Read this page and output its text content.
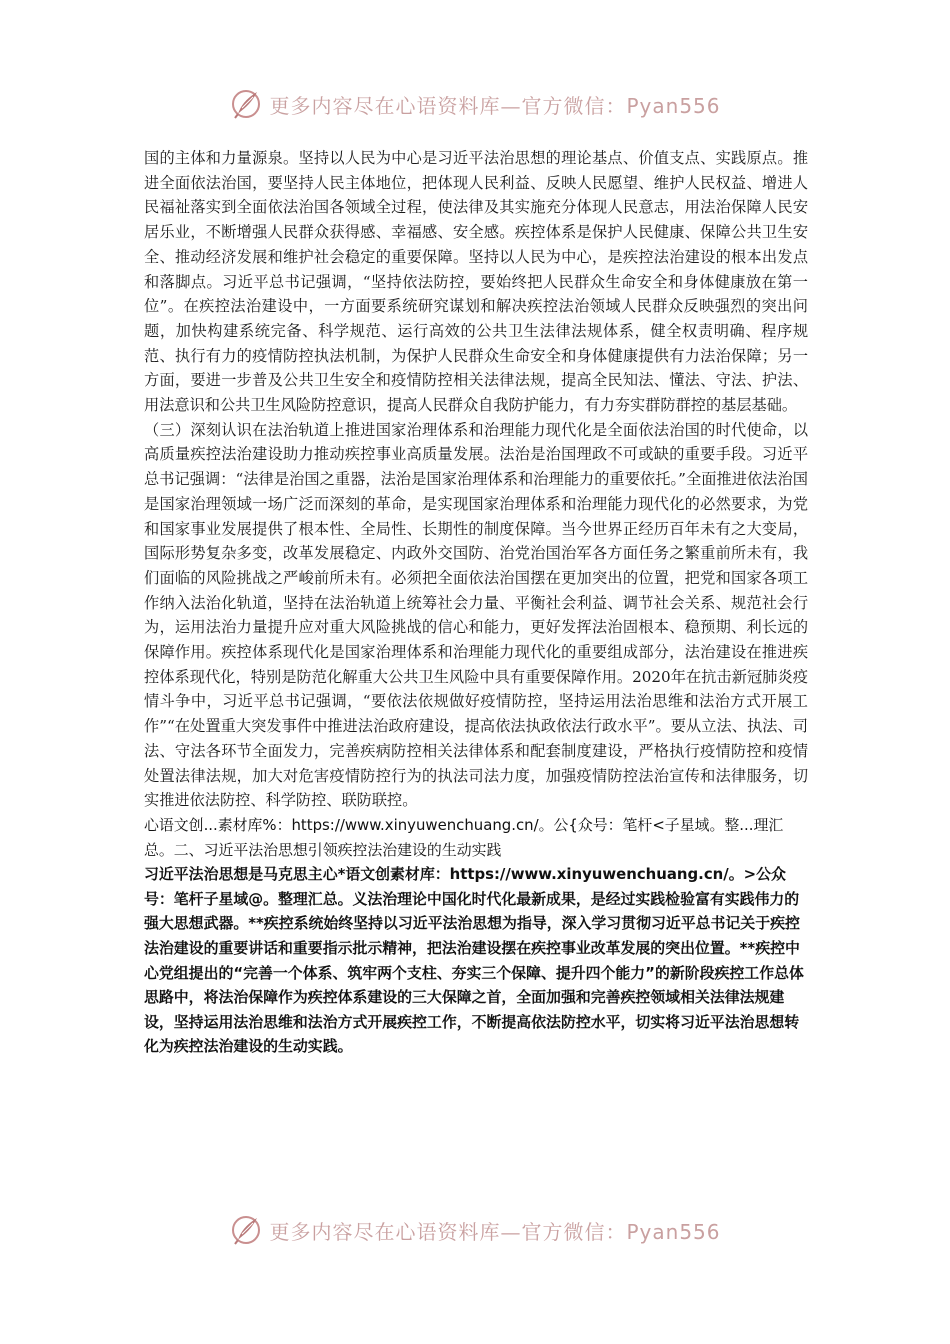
更多内容尽在心语资料库—官方微信：Pyan556

国的主体和力量源泉。坚持以人民为中心是习近平法治思想的理论基点、价值支点、实践原点。推进全面依法治国，要坚持人民主体地位，把体现人民利益、反映人民愿望、维护人民权益、增进人民福祉落实到全面依法治国各领域全过程，使法律及其实施充分体现人民意志，用法治保障人民安居乐业，不断增强人民群众获得感、幸福感、安全感。疾控体系是保护人民健康、保障公共卫生安全、推动经济发展和维护社会稳定的重要保障。坚持以人民为中心，是疾控法治建设的根本出发点和落脚点。习近平总书记强调，“坚持依法防控，要始终把人民群众生命安全和身体健康放在第一位”。在疾控法治建设中，一方面要系统研究谋划和解决疾控法治领域人民群众反映强烈的突出问题，加快构建系统完备、科学规范、运行高效的公共卫生法律法规体系，健全权责明确、程序规范、执行有力的疫情防控执法机制，为保护人民群众生命安全和身体健康提供有力法治保障；另一方面，要进一步普及公共卫生安全和疫情防控相关法律法规，提高全民知法、懂法、守法、护法、用法意识和公共卫生风险防控意识，提高人民群众自我防护能力，有力夯实群防群控的基层基础。

（三）深刻认识在法治轨道上推进国家治理体系和治理能力现代化是全面依法治国的时代使命，以高质量疾控法治建设助力推动疾控事业高质量发展。法治是治国理政不可或缺的重要手段。习近平总书记强调：“法律是治国之重器，法治是国家治理体系和治理能力的重要依托。”全面推进依法治国是国家治理领域一场广泛而深刻的革命，是实现国家治理体系和治理能力现代化的必然要求，为党和国家事业发展提供了根本性、全局性、长期性的制度保障。当今世界正经历百年未有之大变局，国际形势复杂多变，改革发展稳定、内政外交国防、治党治国治军各方面任务之繁重前所未有，我们面临的风险挑战之严峻前所未有。必须把全面依法治国摆在更加突出的位置，把党和国家各项工作纳入法治化轨道，坚持在法治轨道上统筹社会力量、平衡社会利益、调节社会关系、规范社会行为，运用法治力量提升应对重大风险挑战的信心和能力，更好发挥法治固根本、稳预期、利长远的保障作用。疾控体系现代化是国家治理体系和治理能力现代化的重要组成部分，法治建设在推进疾控体系现代化，特别是防范化解重大公共卫生风险中具有重要保障作用。2020年在抗击新冠肺炎疫情斗争中，习近平总书记强调，“要依法依规做好疫情防控，坚持运用法治思维和法治方式开展工作”“在处置重大突发事件中推进法治政府建设，提高依法执政依法行政水平”。要从立法、执法、司法、守法各环节全面发力，完善疾病防控相关法律体系和配套制度建设，严格执行疫情防控和疫情处置法律法规，加大对危害疫情防控行为的执法司法力度，加强疫情防控法治宣传和法律服务，切实推进依法防控、科学防控、联防联控。

心语文创...素材库%：https://www.xinyuwenchuang.cn/。公{众号：笔杆<子星域。整...理汇总。二、习近平法治思想引领疾控法治建设的生动实践

习近平法治思想是马克思主心*语文创素材库：https://www.xinyuwenchuang.cn/。>公众号：笔杆子星域@。整理汇总。义法治理论中国化时代化最新成果，是经过实践检验富有实践伟力的强大思想武器。**疾控系统始终坚持以习近平法治思想为指导，深入学习贯彻习近平总书记关于疾控法治建设的重要讲话和重要指示批示精神，把法治建设摆在疾控事业改革发展的突出位置。**疾控中心党组提出的“完善一个体系、筑牢两个支柱、夯实三个保障、提升四个能力”的新阶段疾控工作总体思路中，将法治保障作为疾控体系建设的三大保障之首，全面加强和完善疾控领域相关法律法规建设，坚持运用法治思维和法治方式开展疾控工作，不断提高依法防控水平，切实将习近平法治思想转化为疾控法治建设的生动实践。

更多内容尽在心语资料库—官方微信：Pyan556
